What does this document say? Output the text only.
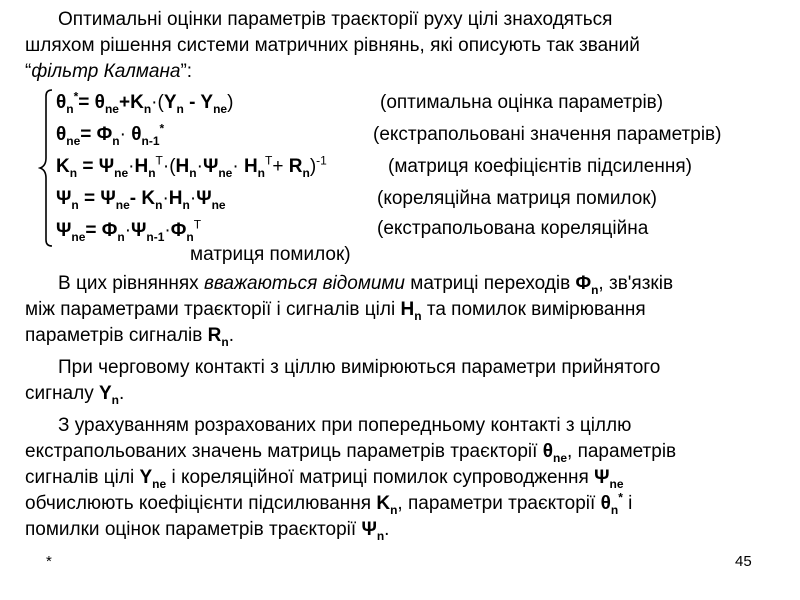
Оптимальні оцінки параметрів траєкторії руху цілі знаходяться
шляхом рішення системи матричних рівнянь, які описують так званий
“фільтр Калмана”:
$\theta_n^*= \theta_{ne}+K_n\cdot(Y_n - Y_{ne})$	(оптимальна оцінка параметрів)
$\theta_{ne}= \Phi_n\cdot \theta_{n-1}^*$	(екстрапольовані значення параметрів)
$K_n = \Psi_{ne}\cdot H_n^T\cdot(H_n\cdot\Psi_{ne}\cdot H_n^T+ R_n)^{-1}$	(матриця коефіцієнтів підсилення)
$\Psi_n = \Psi_{ne}-$ $K_n\cdot H_n\cdot\Psi_{ne}$	(кореляційна матриця помилок)
$\Psi_{ne}= \Phi_n\cdot\Psi_{n-1}\cdot\Phi_n^T$	(екстрапольована кореляційна
матриця помилок)
В цих рівняннях вважаються відомими матриці переходів $\Phi_n$, зв'язків
між параметрами траєкторії і сигналів цілі $H_n$ та помилок вимірювання
параметрів сигналів $R_n$.
При черговому контакті з ціллю вимірюються параметри прийнятого
сигналу $Y_n$.
З урахуванням розрахованих при попередньому контакті з ціллю
екстрапольованих значень матриць параметрів траєкторії $\theta_{ne}$, параметрів
сигналів цілі $Y_{ne}$ і кореляційної матриці помилок супроводження $\Psi_{ne}$
обчислюють коефіцієнти підсилювання $K_n$, параметри траєкторії $\theta_n^*$ і
помилки оцінок параметрів траєкторії $\Psi_n$.
*	45
